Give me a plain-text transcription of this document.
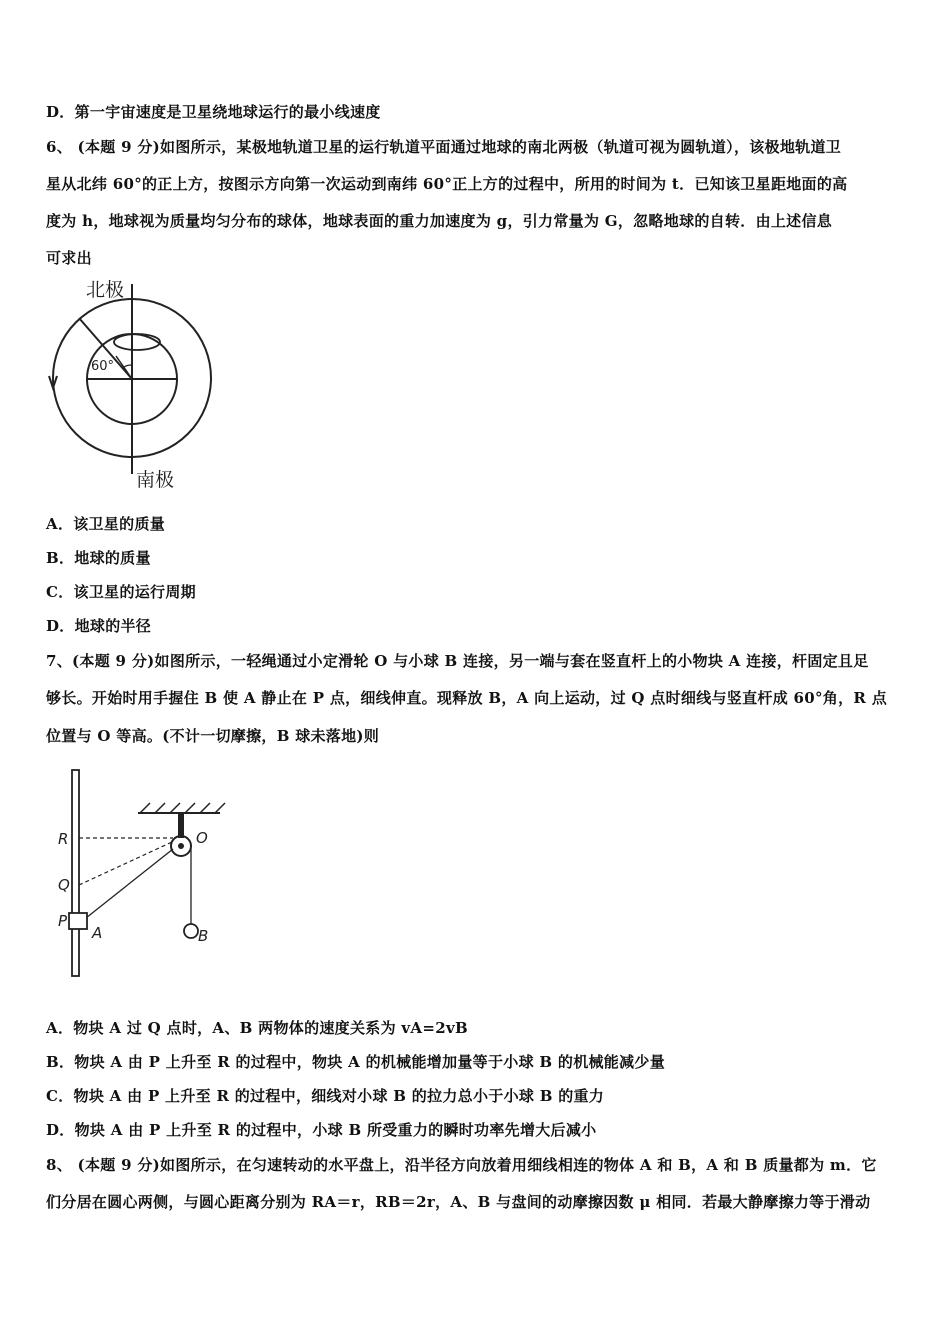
D．第一宇宙速度是卫星绕地球运行的最小线速度
6、 (本题 9 分)如图所示，某极地轨道卫星的运行轨道平面通过地球的南北两极（轨道可视为圆轨道），该极地轨道卫
星从北纬 60°的正上方，按图示方向第一次运动到南纬 60°正上方的过程中，所用的时间为 t．已知该卫星距地面的高
度为 h，地球视为质量均匀分布的球体，地球表面的重力加速度为 g，引力常量为 G，忽略地球的自转．由上述信息
可求出
北极
南极
60°
A．该卫星的质量
B．地球的质量
C．该卫星的运行周期
D．地球的半径
7、(本题 9 分)如图所示，一轻绳通过小定滑轮 O 与小球 B 连接，另一端与套在竖直杆上的小物块 A 连接，杆固定且足
够长。开始时用手握住 B 使 A 静止在 P 点，细线伸直。现释放 B，A 向上运动，过 Q 点时细线与竖直杆成 60°角，R 点
位置与 O 等高。(不计一切摩擦，B 球未落地)则
R
Q
P
A
O
B
A．物块 A 过 Q 点时，A、B 两物体的速度关系为 vA=2vB
B．物块 A 由 P 上升至 R 的过程中，物块 A 的机械能增加量等于小球 B 的机械能减少量
C．物块 A 由 P 上升至 R 的过程中，细线对小球 B 的拉力总小于小球 B 的重力
D．物块 A 由 P 上升至 R 的过程中，小球 B 所受重力的瞬时功率先增大后减小
8、 (本题 9 分)如图所示，在匀速转动的水平盘上，沿半径方向放着用细线相连的物体 A 和 B，A 和 B 质量都为 m．它
们分居在圆心两侧，与圆心距离分别为 RA＝r，RB＝2r，A、B 与盘间的动摩擦因数 μ 相同．若最大静摩擦力等于滑动
